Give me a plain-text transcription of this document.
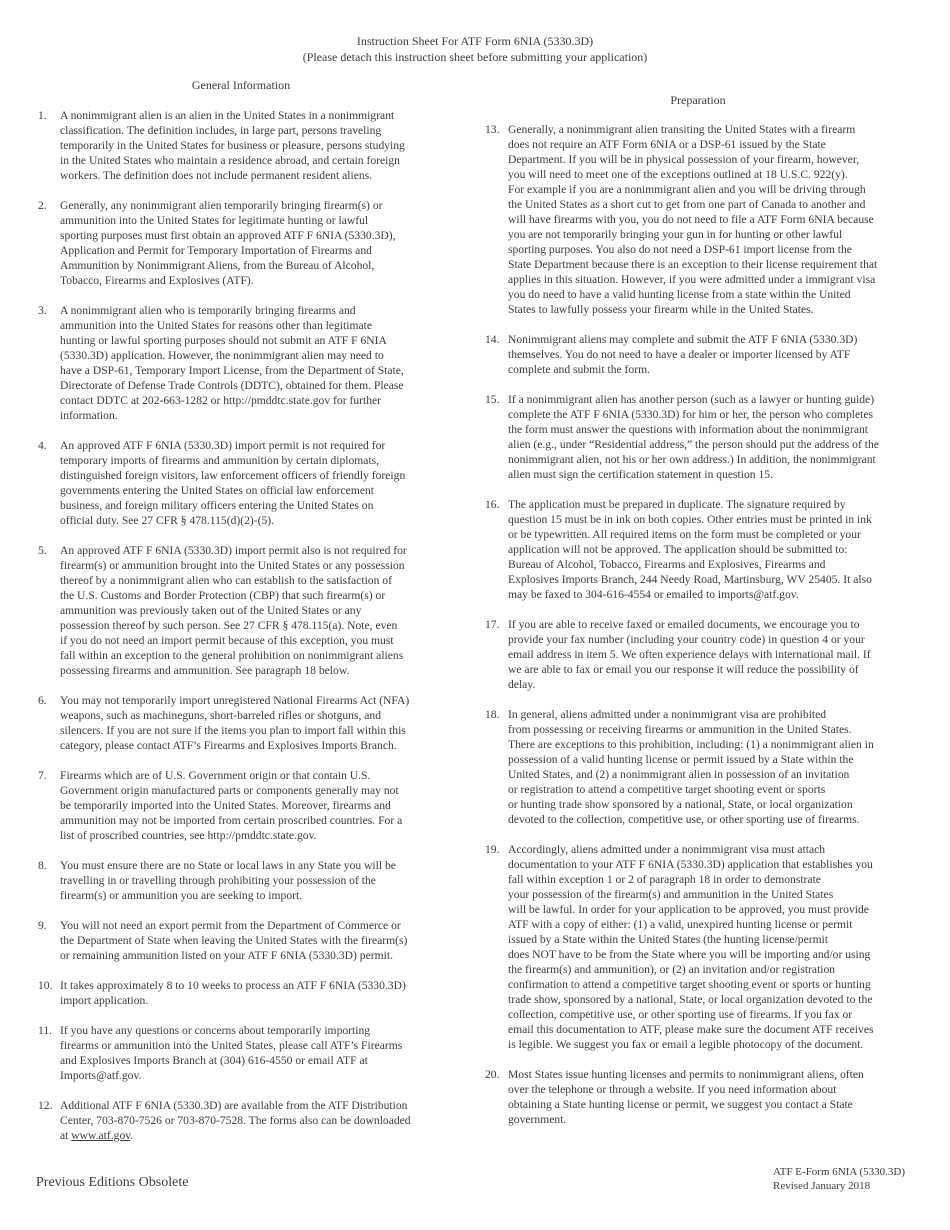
Instruction Sheet For ATF Form 6NIA (5330.3D)
(Please detach this instruction sheet before submitting your application)
General Information
Preparation
1.	A nonimmigrant alien is an alien in the United States in a nonimmigrant
classification. The definition includes, in large part, persons traveling
temporarily in the United States for business or pleasure, persons studying
in the United States who maintain a residence abroad, and certain foreign
workers. The definition does not include permanent resident aliens.
2.	Generally, any nonimmigrant alien temporarily bringing firearm(s) or
ammunition into the United States for legitimate hunting or lawful
sporting purposes must first obtain an approved ATF F 6NIA (5330.3D),
Application and Permit for Temporary Importation of Firearms and
Ammunition by Nonimmigrant Aliens, from the Bureau of Alcohol,
Tobacco, Firearms and Explosives (ATF).
3.	A nonimmigrant alien who is temporarily bringing firearms and
ammunition into the United States for reasons other than legitimate
hunting or lawful sporting purposes should not submit an ATF F 6NIA
(5330.3D) application. However, the nonimmigrant alien may need to
have a DSP-61, Temporary Import License, from the Department of State,
Directorate of Defense Trade Controls (DDTC), obtained for them. Please
contact DDTC at 202-663-1282 or http://pmddtc.state.gov for further
information.
4.	An approved ATF F 6NIA (5330.3D) import permit is not required for
temporary imports of firearms and ammunition by certain diplomats,
distinguished foreign visitors, law enforcement officers of friendly foreign
governments entering the United States on official law enforcement
business, and foreign military officers entering the United States on
official duty. See 27 CFR § 478.115(d)(2)-(5).
5.	An approved ATF F 6NIA (5330.3D) import permit also is not required for
firearm(s) or ammunition brought into the United States or any possession
thereof by a nonimmigrant alien who can establish to the satisfaction of
the U.S. Customs and Border Protection (CBP) that such firearm(s) or
ammunition was previously taken out of the United States or any
possession thereof by such person. See 27 CFR § 478.115(a). Note, even
if you do not need an import permit because of this exception, you must
fall within an exception to the general prohibition on nonimmigrant aliens
possessing firearms and ammunition. See paragraph 18 below.
6.	You may not temporarily import unregistered National Firearms Act (NFA)
weapons, such as machineguns, short-barreled rifles or shotguns, and
silencers. If you are not sure if the items you plan to import fall within this
category, please contact ATF’s Firearms and Explosives Imports Branch.
7.	Firearms which are of U.S. Government origin or that contain U.S.
Government origin manufactured parts or components generally may not
be temporarily imported into the United States. Moreover, firearms and
ammunition may not be imported from certain proscribed countries. For a
list of proscribed countries, see http://pmddtc.state.gov.
8.	You must ensure there are no State or local laws in any State you will be
travelling in or travelling through prohibiting your possession of the
firearm(s) or ammunition you are seeking to import.
9.	You will not need an export permit from the Department of Commerce or
the Department of State when leaving the United States with the firearm(s)
or remaining ammunition listed on your ATF F 6NIA (5330.3D) permit.
10. It takes approximately 8 to 10 weeks to process an ATF F 6NIA (5330.3D)
import application.
11. If you have any questions or concerns about temporarily importing
firearms or ammunition into the United States, please call ATF’s Firearms
and Explosives Imports Branch at (304) 616-4550 or email ATF at
Imports@atf.gov.
12. Additional ATF F 6NIA (5330.3D) are available from the ATF Distribution
Center, 703-870-7526 or 703-870-7528. The forms also can be downloaded
at www.atf.gov.
13. Generally, a nonimmigrant alien transiting the United States with a firearm
does not require an ATF Form 6NIA or a DSP-61 issued by the State
Department. If you will be in physical possession of your firearm, however,
you will need to meet one of the exceptions outlined at 18 U.S.C. 922(y).
For example if you are a nonimmigrant alien and you will be driving through
the United States as a short cut to get from one part of Canada to another and
will have firearms with you, you do not need to file a ATF Form 6NIA because
you are not temporarily bringing your gun in for hunting or other lawful
sporting purposes. You also do not need a DSP-61 import license from the
State Department because there is an exception to their license requirement that
applies in this situation. However, if you were admitted under a immigrant visa
you do need to have a valid hunting license from a state within the United
States to lawfully possess your firearm while in the United States.
14. Nonimmigrant aliens may complete and submit the ATF F 6NIA (5330.3D)
themselves. You do not need to have a dealer or importer licensed by ATF
complete and submit the form.
15. If a nonimmigrant alien has another person (such as a lawyer or hunting guide)
complete the ATF F 6NIA (5330.3D) for him or her, the person who completes
the form must answer the questions with information about the nonimmigrant
alien (e.g., under “Residential address,” the person should put the address of the
nonimmigrant alien, not his or her own address.) In addition, the nonimmigrant
alien must sign the certification statement in question 15.
16. The application must be prepared in duplicate. The signature required by
question 15 must be in ink on both copies. Other entries must be printed in ink
or be typewritten. All required items on the form must be completed or your
application will not be approved. The application should be submitted to:
Bureau of Alcohol, Tobacco, Firearms and Explosives, Firearms and
Explosives Imports Branch, 244 Needy Road, Martinsburg, WV 25405. It also
may be faxed to 304-616-4554 or emailed to imports@atf.gov.
17. If you are able to receive faxed or emailed documents, we encourage you to
provide your fax number (including your country code) in question 4 or your
email address in item 5. We often experience delays with international mail. If
we are able to fax or email you our response it will reduce the possibility of
delay.
18. In general, aliens admitted under a nonimmigrant visa are prohibited
from possessing or receiving firearms or ammunition in the United States.
There are exceptions to this prohibition, including: (1) a nonimmigrant alien in
possession of a valid hunting license or permit issued by a State within the
United States, and (2) a nonimmigrant alien in possession of an invitation
or registration to attend a competitive target shooting event or sports
or hunting trade show sponsored by a national, State, or local organization
devoted to the collection, competitive use, or other sporting use of firearms.
19. Accordingly, aliens admitted under a nonimmigrant visa must attach
documentation to your ATF F 6NIA (5330.3D) application that establishes you
fall within exception 1 or 2 of paragraph 18 in order to demonstrate
your possession of the firearm(s) and ammunition in the United States
will be lawful. In order for your application to be approved, you must provide
ATF with a copy of either: (1) a valid, unexpired hunting license or permit
issued by a State within the United States (the hunting license/permit
does NOT have to be from the State where you will be importing and/or using
the firearm(s) and ammunition), or (2) an invitation and/or registration
confirmation to attend a competitive target shooting event or sports or hunting
trade show, sponsored by a national, State, or local organization devoted to the
collection, competitive use, or other sporting use of firearms. If you fax or
email this documentation to ATF, please make sure the document ATF receives
is legible. We suggest you fax or email a legible photocopy of the document.
20. Most States issue hunting licenses and permits to nonimmigrant aliens, often
over the telephone or through a website. If you need information about
obtaining a State hunting license or permit, we suggest you contact a State
government.
Previous Editions Obsolete
ATF E-Form 6NIA (5330.3D)
Revised January 2018
